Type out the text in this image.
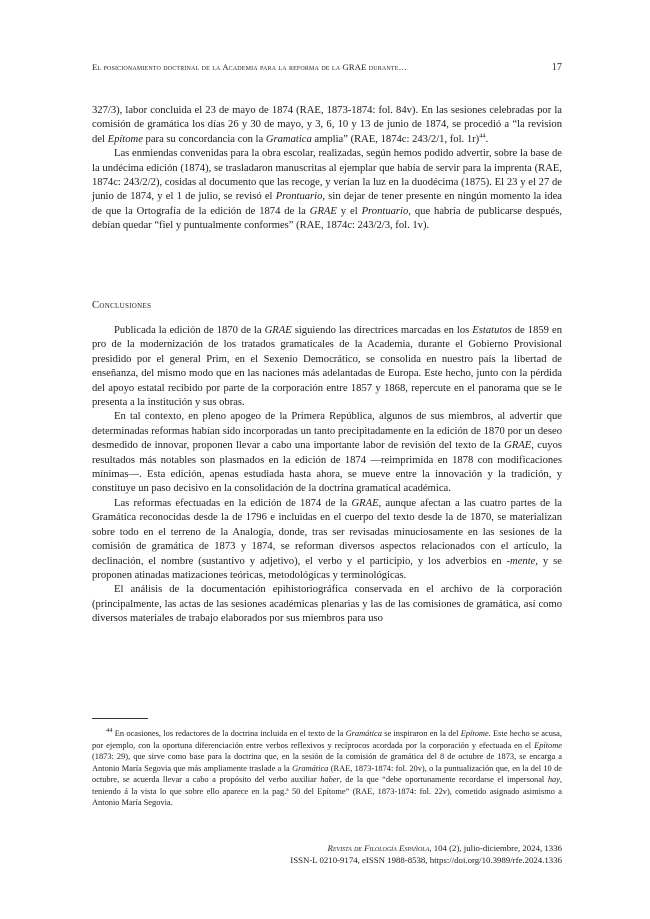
El posicionamiento doctrinal de la Academia para la reforma de la GRAE durante…	17

327/3), labor concluida el 23 de mayo de 1874 (RAE, 1873-1874: fol. 84v). En las sesiones celebradas por la comisión de gramática los días 26 y 30 de mayo, y 3, 6, 10 y 13 de junio de 1874, se procedió a “la revision del Epítome para su concordancia con la Gramatica amplia” (RAE, 1874c: 243/2/1, fol. 1r)$^{44}$.

Las enmiendas convenidas para la obra escolar, realizadas, según hemos podido advertir, sobre la base de la undécima edición (1874), se trasladaron manuscritas al ejemplar que había de servir para la imprenta (RAE, 1874c: 243/2/2), cosidas al documento que las recoge, y verían la luz en la duodécima (1875). El 23 y el 27 de junio de 1874, y el 1 de julio, se revisó el Prontuario, sin dejar de tener presente en ningún momento la idea de que la Ortografía de la edición de 1874 de la GRAE y el Prontuario, que habría de publicarse después, debían quedar “fiel y puntualmente conformes” (RAE, 1874c: 243/2/3, fol. 1v).

Conclusiones

Publicada la edición de 1870 de la GRAE siguiendo las directrices marcadas en los Estatutos de 1859 en pro de la modernización de los tratados gramaticales de la Academia, durante el Gobierno Provisional presidido por el general Prim, en el Sexenio Democrático, se consolida en nuestro país la libertad de enseñanza, del mismo modo que en las naciones más adelantadas de Europa. Este hecho, junto con la pérdida del apoyo estatal recibido por parte de la corporación entre 1857 y 1868, repercute en el panorama que se le presenta a la institución y sus obras.

En tal contexto, en pleno apogeo de la Primera República, algunos de sus miembros, al advertir que determinadas reformas habían sido incorporadas un tanto precipitadamente en la edición de 1870 por un deseo desmedido de innovar, proponen llevar a cabo una importante labor de revisión del texto de la GRAE, cuyos resultados más notables son plasmados en la edición de 1874 —reimprimida en 1878 con modificaciones mínimas—. Esta edición, apenas estudiada hasta ahora, se mueve entre la innovación y la tradición, y constituye un paso decisivo en la consolidación de la doctrina gramatical académica.

Las reformas efectuadas en la edición de 1874 de la GRAE, aunque afectan a las cuatro partes de la Gramática reconocidas desde la de 1796 e incluidas en el cuerpo del texto desde la de 1870, se materializan sobre todo en el terreno de la Analogía, donde, tras ser revisadas minuciosamente en las sesiones de la comisión de gramática de 1873 y 1874, se reforman diversos aspectos relacionados con el artículo, la declinación, el nombre (sustantivo y adjetivo), el verbo y el participio, y los adverbios en -mente, y se proponen atinadas matizaciones teóricas, metodológicas y terminológicas.

El análisis de la documentación epihistoriográfica conservada en el archivo de la corporación (principalmente, las actas de las sesiones académicas plenarias y las de las comisiones de gramática, así como diversos materiales de trabajo elaborados por sus miembros para uso

$^{44}$ En ocasiones, los redactores de la doctrina incluida en el texto de la Gramática se inspiraron en la del Epítome. Este hecho se acusa, por ejemplo, con la oportuna diferenciación entre verbos reflexivos y recíprocos acordada por la corporación y efectuada en el Epítome (1873: 29), que sirve como base para la doctrina que, en la sesión de la comisión de gramática del 8 de octubre de 1873, se encarga a Antonio María Segovia que más ampliamente traslade a la Gramática (RAE, 1873-1874: fol. 20v), o la puntualización que, en la del 10 de octubre, se acuerda llevar a cabo a propósito del verbo auxiliar haber, de la que “debe oportunamente recordarse el impersonal hay, teniendo á la vista lo que sobre ello aparece en la pag.ª 50 del Epítome” (RAE, 1873-1874: fol. 22v), cometido asignado asimismo a Antonio María Segovia.

Revista de Filología Española, 104 (2), julio-diciembre, 2024, 1336
ISSN-L 0210-9174, eISSN 1988-8538, https://doi.org/10.3989/rfe.2024.1336
